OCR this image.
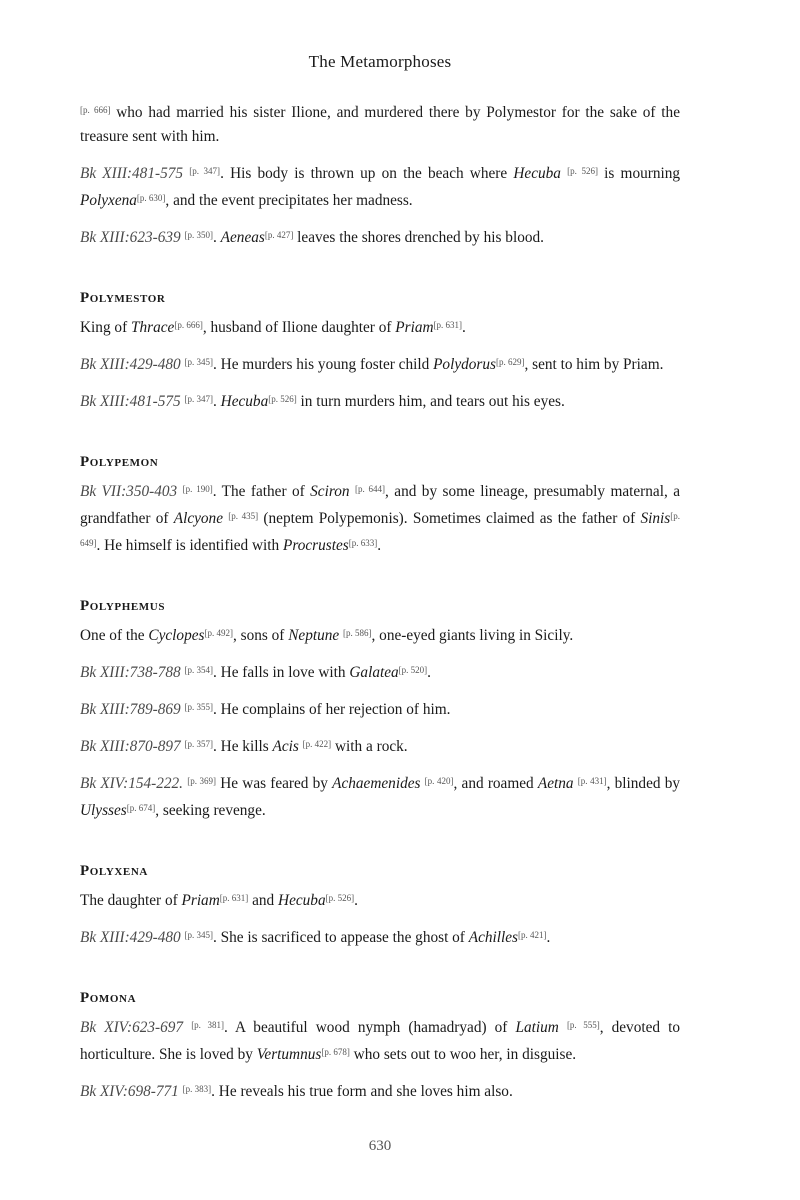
The Metamorphoses

[p. 666] who had married his sister Ilione, and murdered there by Polymestor for the sake of the treasure sent with him.

Bk XIII:481-575 [p. 347]. His body is thrown up on the beach where Hecuba [p. 526] is mourning Polyxena[p. 630], and the event precipitates her madness.

Bk XIII:623-639 [p. 350]. Aeneas[p. 427] leaves the shores drenched by his blood.

Polymestor

King of Thrace[p. 666], husband of Ilione daughter of Priam[p. 631].

Bk XIII:429-480 [p. 345]. He murders his young foster child Polydorus[p. 629], sent to him by Priam.

Bk XIII:481-575 [p. 347]. Hecuba[p. 526] in turn murders him, and tears out his eyes.

Polypemon

Bk VII:350-403 [p. 190]. The father of Sciron [p. 644], and by some lineage, presumably maternal, a grandfather of Alcyone [p. 435] (neptem Polypemonis). Sometimes claimed as the father of Sinis[p. 649]. He himself is identified with Procrustes[p. 633].

Polyphemus

One of the Cyclopes[p. 492], sons of Neptune [p. 586], one-eyed giants living in Sicily.

Bk XIII:738-788 [p. 354]. He falls in love with Galatea[p. 520].

Bk XIII:789-869 [p. 355]. He complains of her rejection of him.

Bk XIII:870-897 [p. 357]. He kills Acis [p. 422] with a rock.

Bk XIV:154-222. [p. 369] He was feared by Achaemenides [p. 420], and roamed Aetna [p. 431], blinded by Ulysses[p. 674], seeking revenge.

Polyxena

The daughter of Priam[p. 631] and Hecuba[p. 526].

Bk XIII:429-480 [p. 345]. She is sacrificed to appease the ghost of Achilles[p. 421].

Pomona

Bk XIV:623-697 [p. 381]. A beautiful wood nymph (hamadryad) of Latium [p. 555], devoted to horticulture. She is loved by Vertumnus[p. 678] who sets out to woo her, in disguise.

Bk XIV:698-771 [p. 383]. He reveals his true form and she loves him also.

630
